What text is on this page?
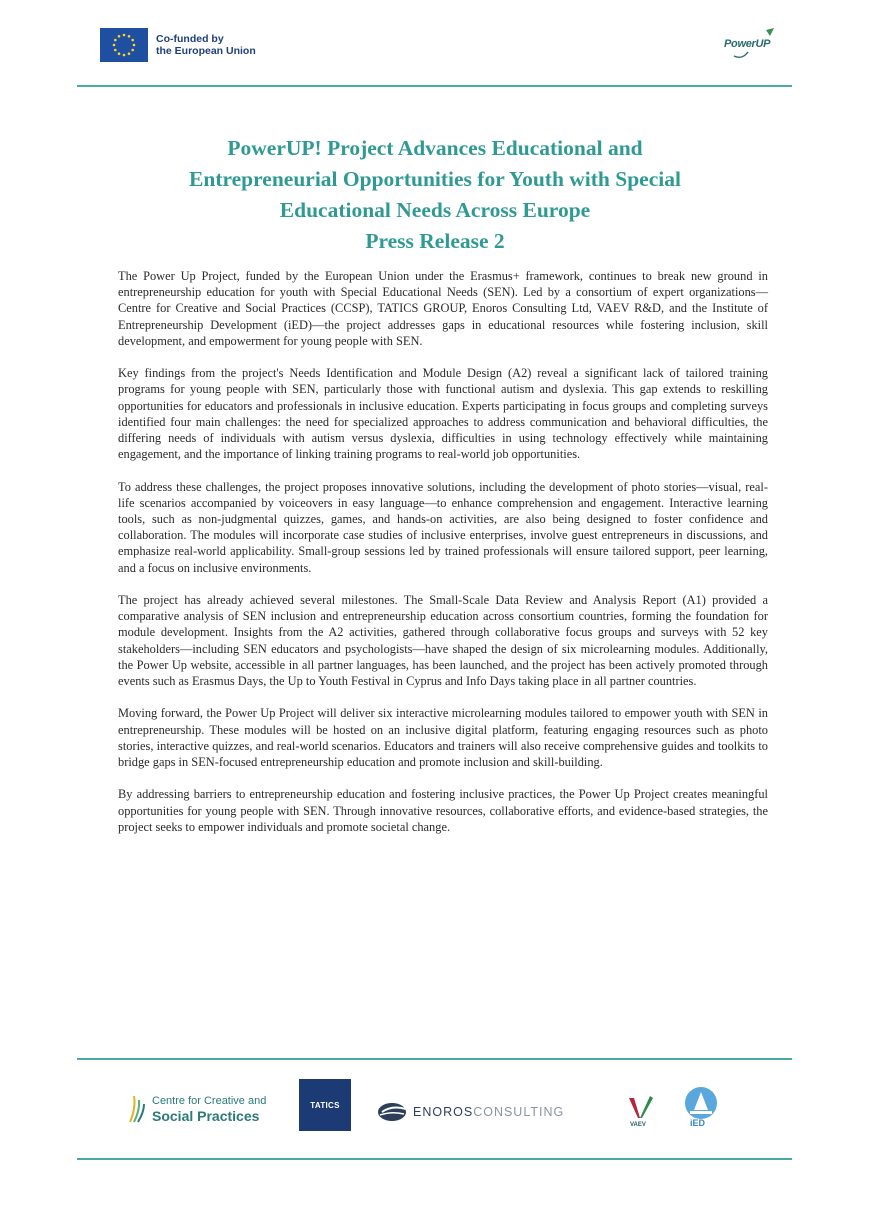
Co-funded by
the European Union
PowerUP
PowerUP! Project Advances Educational and
Entrepreneurial Opportunities for Youth with Special
Educational Needs Across Europe
Press Release 2

The Power Up Project, funded by the European Union under the Erasmus+ framework, continues to break new ground in entrepreneurship education for youth with Special Educational Needs (SEN). Led by a consortium of expert organizations—Centre for Creative and Social Practices (CCSP), TATICS GROUP, Enoros Consulting Ltd, VAEV R&D, and the Institute of Entrepreneurship Development (iED)—the project addresses gaps in educational resources while fostering inclusion, skill development, and empowerment for young people with SEN.

Key findings from the project's Needs Identification and Module Design (A2) reveal a significant lack of tailored training programs for young people with SEN, particularly those with functional autism and dyslexia. This gap extends to reskilling opportunities for educators and professionals in inclusive education. Experts participating in focus groups and completing surveys identified four main challenges: the need for specialized approaches to address communication and behavioral difficulties, the differing needs of individuals with autism versus dyslexia, difficulties in using technology effectively while maintaining engagement, and the importance of linking training programs to real-world job opportunities.

To address these challenges, the project proposes innovative solutions, including the development of photo stories—visual, real-life scenarios accompanied by voiceovers in easy language—to enhance comprehension and engagement. Interactive learning tools, such as non-judgmental quizzes, games, and hands-on activities, are also being designed to foster confidence and collaboration. The modules will incorporate case studies of inclusive enterprises, involve guest entrepreneurs in discussions, and emphasize real-world applicability. Small-group sessions led by trained professionals will ensure tailored support, peer learning, and a focus on inclusive environments.

The project has already achieved several milestones. The Small-Scale Data Review and Analysis Report (A1) provided a comparative analysis of SEN inclusion and entrepreneurship education across consortium countries, forming the foundation for module development. Insights from the A2 activities, gathered through collaborative focus groups and surveys with 52 key stakeholders—including SEN educators and psychologists—have shaped the design of six microlearning modules. Additionally, the Power Up website, accessible in all partner languages, has been launched, and the project has been actively promoted through events such as Erasmus Days, the Up to Youth Festival in Cyprus and Info Days taking place in all partner countries.

Moving forward, the Power Up Project will deliver six interactive microlearning modules tailored to empower youth with SEN in entrepreneurship. These modules will be hosted on an inclusive digital platform, featuring engaging resources such as photo stories, interactive quizzes, and real-world scenarios. Educators and trainers will also receive comprehensive guides and toolkits to bridge gaps in SEN-focused entrepreneurship education and promote inclusion and skill-building.

By addressing barriers to entrepreneurship education and fostering inclusive practices, the Power Up Project creates meaningful opportunities for young people with SEN. Through innovative resources, collaborative efforts, and evidence-based strategies, the project seeks to empower individuals and promote societal change.

Centre for Creative and
Social Practices
TATICS	ENOROSCONSULTING
VAEV	iED
